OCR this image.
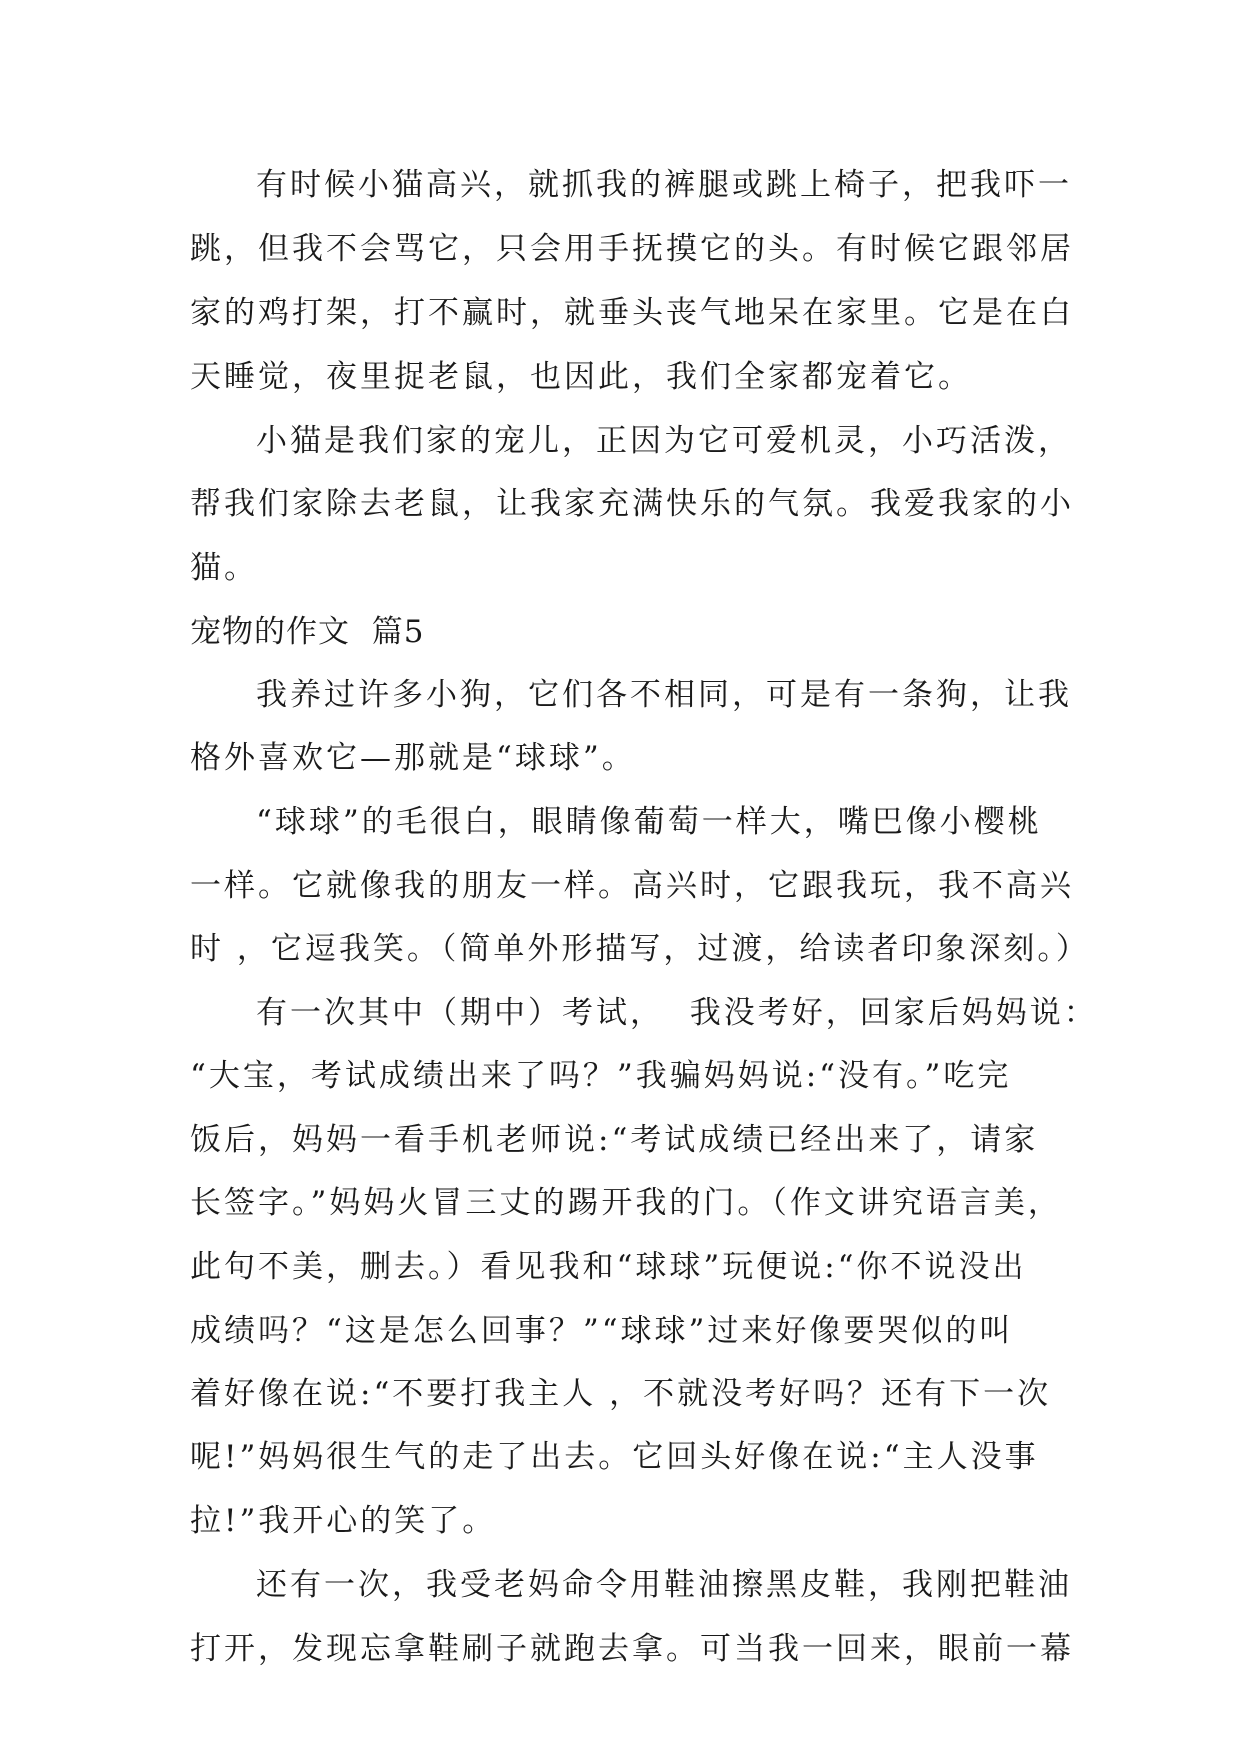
有时候小猫高兴，就抓我的裤腿或跳上椅子，把我吓一
跳，但我不会骂它，只会用手抚摸它的头。有时候它跟邻居
家的鸡打架，打不赢时，就垂头丧气地呆在家里。它是在白
天睡觉，夜里捉老鼠，也因此，我们全家都宠着它。
小猫是我们家的宠儿，正因为它可爱机灵，小巧活泼，
帮我们家除去老鼠，让我家充满快乐的气氛。我爱我家的小
猫。
宠物的作文  篇5
我养过许多小狗，它们各不相同，可是有一条狗，让我
格外喜欢它—那就是“球球”。
“球球”的毛很白，眼睛像葡萄一样大，嘴巴像小樱桃
一样。它就像我的朋友一样。高兴时，它跟我玩，我不高兴
时 ，它逗我笑。（简单外形描写，过渡，给读者印象深刻。）
有一次其中（期中）考试，  我没考好，回家后妈妈说：
“大宝，考试成绩出来了吗？”我骗妈妈说:“没有。”吃完
饭后，妈妈一看手机老师说:“考试成绩已经出来了，请家
长签字。”妈妈火冒三丈的踢开我的门。（作文讲究语言美，
此句不美，删去。）看见我和“球球”玩便说:“你不说没出
成绩吗？“这是怎么回事？”“球球”过来好像要哭似的叫
着好像在说:“不要打我主人 ，不就没考好吗？还有下一次
呢!”妈妈很生气的走了出去。它回头好像在说:“主人没事
拉!”我开心的笑了。
还有一次，我受老妈命令用鞋油擦黑皮鞋，我刚把鞋油
打开，发现忘拿鞋刷子就跑去拿。可当我一回来，眼前一幕
